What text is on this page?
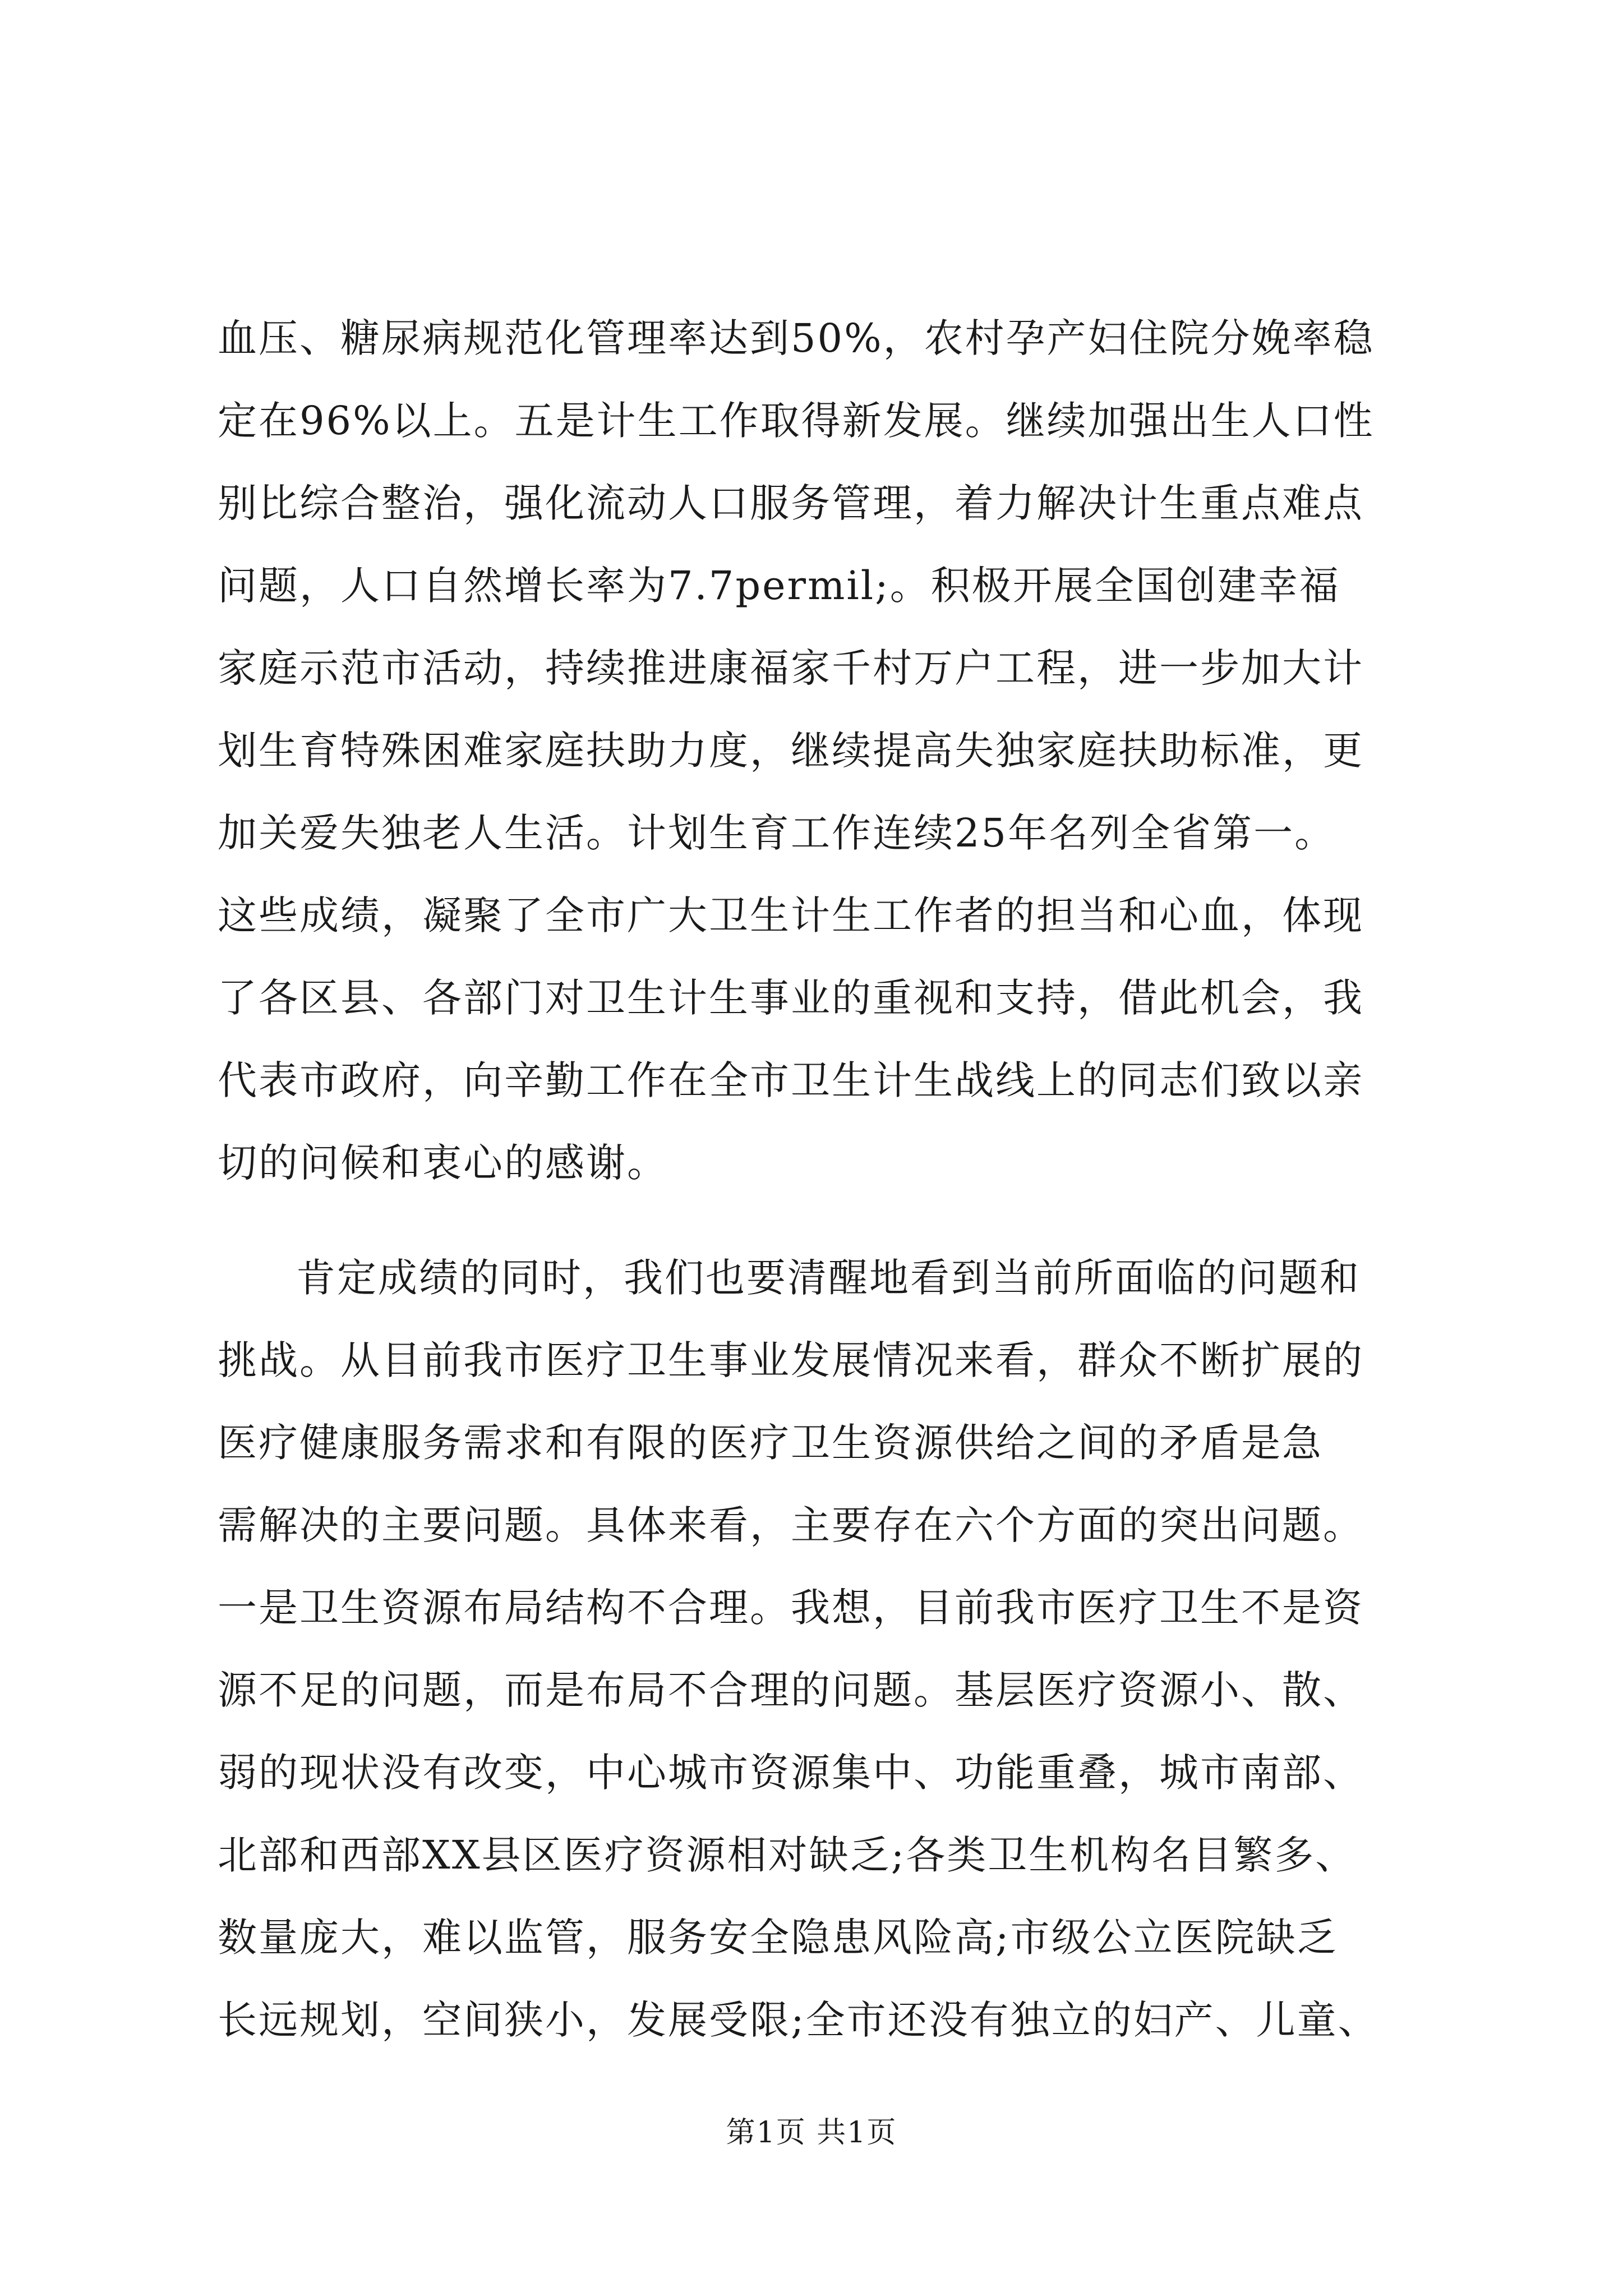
血压、糖尿病规范化管理率达到50%，农村孕产妇住院分娩率稳
定在96%以上。五是计生工作取得新发展。继续加强出生人口性
别比综合整治，强化流动人口服务管理，着力解决计生重点难点
问题，人口自然增长率为7.7permil;。积极开展全国创建幸福
家庭示范市活动，持续推进康福家千村万户工程，进一步加大计
划生育特殊困难家庭扶助力度，继续提高失独家庭扶助标准，更
加关爱失独老人生活。计划生育工作连续25年名列全省第一。
这些成绩，凝聚了全市广大卫生计生工作者的担当和心血，体现
了各区县、各部门对卫生计生事业的重视和支持，借此机会，我
代表市政府，向辛勤工作在全市卫生计生战线上的同志们致以亲
切的问候和衷心的感谢。
肯定成绩的同时，我们也要清醒地看到当前所面临的问题和
挑战。从目前我市医疗卫生事业发展情况来看，群众不断扩展的
医疗健康服务需求和有限的医疗卫生资源供给之间的矛盾是急
需解决的主要问题。具体来看，主要存在六个方面的突出问题。
一是卫生资源布局结构不合理。我想，目前我市医疗卫生不是资
源不足的问题，而是布局不合理的问题。基层医疗资源小、散、
弱的现状没有改变，中心城市资源集中、功能重叠，城市南部、
北部和西部XX县区医疗资源相对缺乏;各类卫生机构名目繁多、
数量庞大，难以监管，服务安全隐患风险高;市级公立医院缺乏
长远规划，空间狭小，发展受限;全市还没有独立的妇产、儿童、
第1页 共1页
